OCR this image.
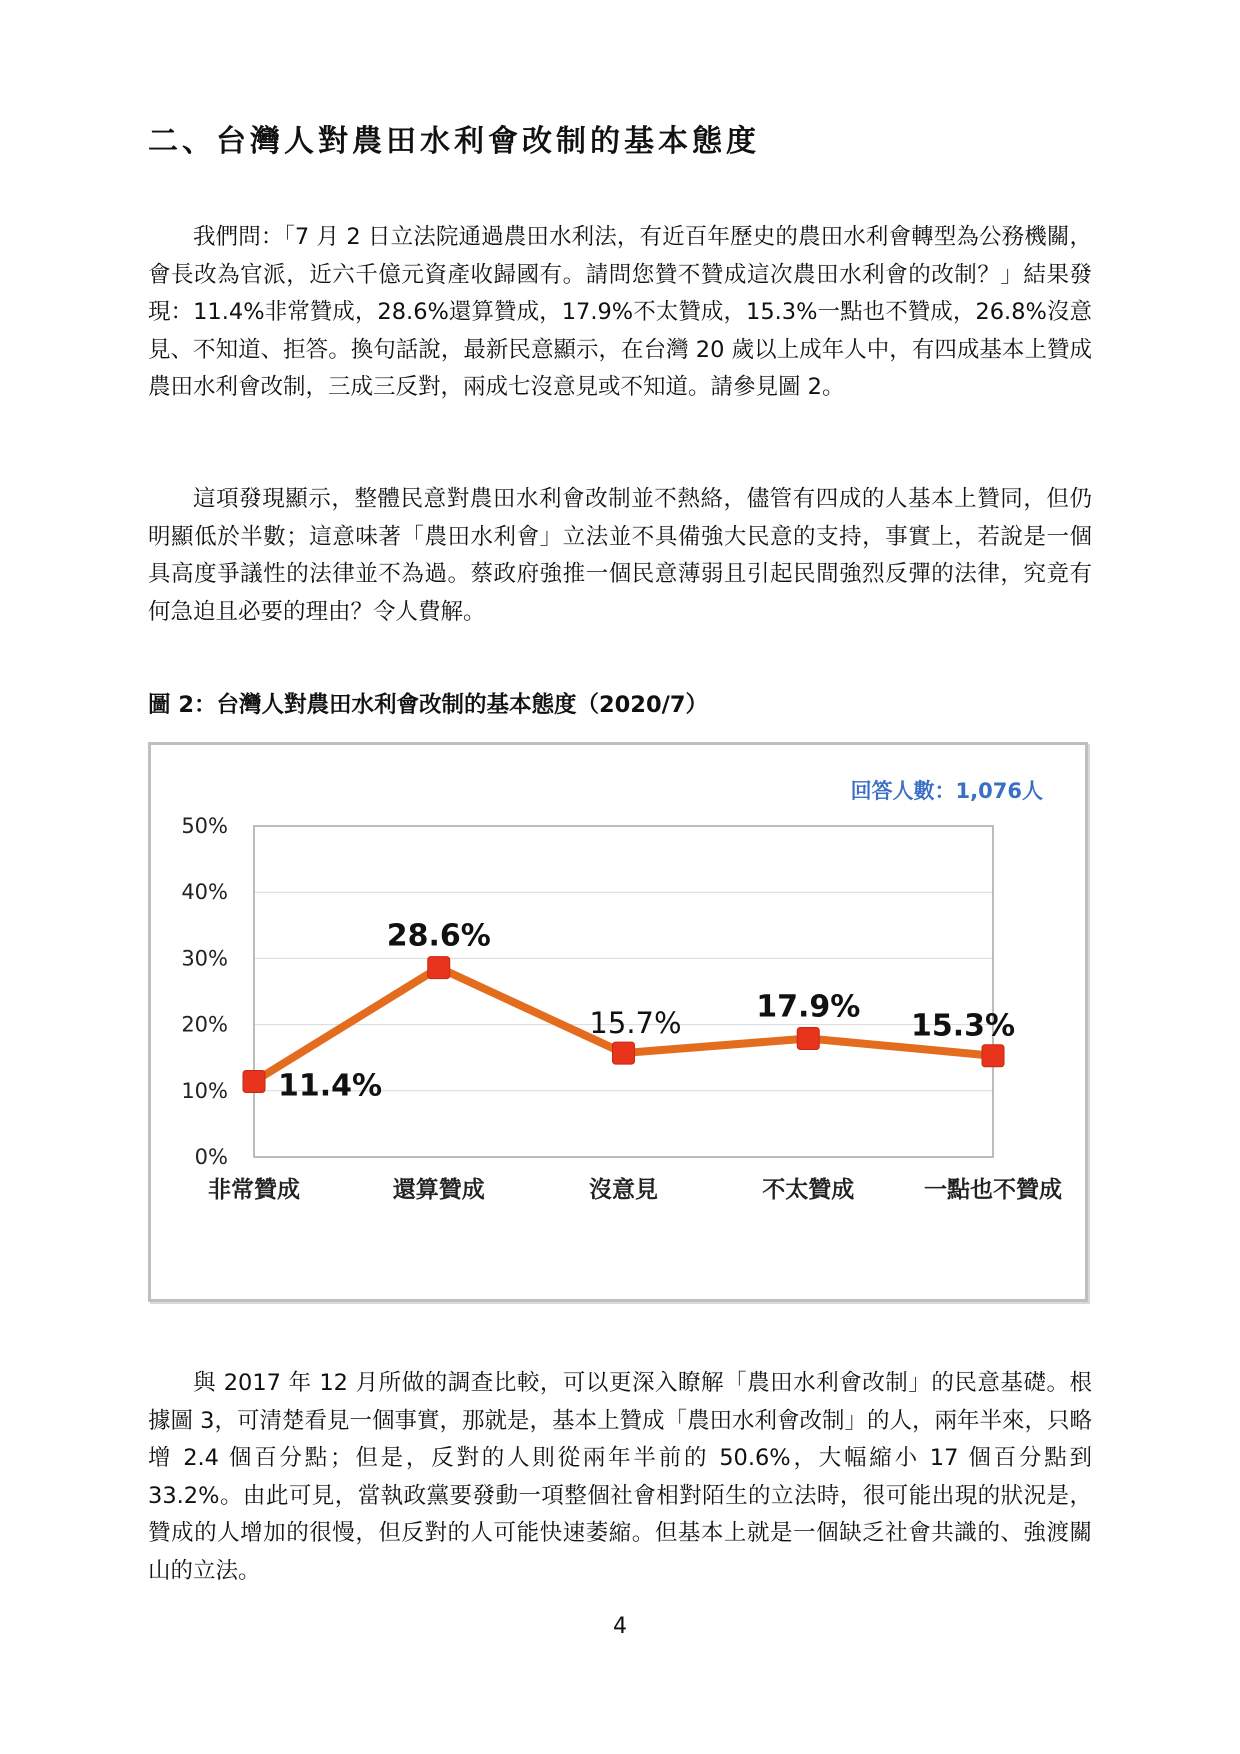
二、台灣人對農田水利會改制的基本態度

我們問：「7 月 2 日立法院通過農田水利法，有近百年歷史的農田水利會轉型為公務機關，會長改為官派，近六千億元資產收歸國有。請問您贊不贊成這次農田水利會的改制？」結果發現：11.4%非常贊成，28.6%還算贊成，17.9%不太贊成，15.3%一點也不贊成，26.8%沒意見、不知道、拒答。換句話說，最新民意顯示，在台灣 20 歲以上成年人中，有四成基本上贊成農田水利會改制，三成三反對，兩成七沒意見或不知道。請參見圖 2。

這項發現顯示，整體民意對農田水利會改制並不熱絡，儘管有四成的人基本上贊同，但仍明顯低於半數；這意味著「農田水利會」立法並不具備強大民意的支持，事實上，若說是一個具高度爭議性的法律並不為過。蔡政府強推一個民意薄弱且引起民間強烈反彈的法律，究竟有何急迫且必要的理由？令人費解。

圖 2：台灣人對農田水利會改制的基本態度（2020/7）

回答人數：1,076人
0%
10%
20%
30%
40%
50%
非常贊成	還算贊成	沒意見	不太贊成	一點也不贊成
11.4%
28.6%
15.7% 17.9%
15.3%

與 2017 年 12 月所做的調查比較，可以更深入瞭解「農田水利會改制」的民意基礎。根據圖 3，可清楚看見一個事實，那就是，基本上贊成「農田水利會改制」的人，兩年半來，只略增 2.4 個百分點；但是，反對的人則從兩年半前的 50.6%，大幅縮小 17 個百分點到 33.2%。由此可見，當執政黨要發動一項整個社會相對陌生的立法時，很可能出現的狀況是，贊成的人增加的很慢，但反對的人可能快速萎縮。但基本上就是一個缺乏社會共識的、強渡關山的立法。

4
